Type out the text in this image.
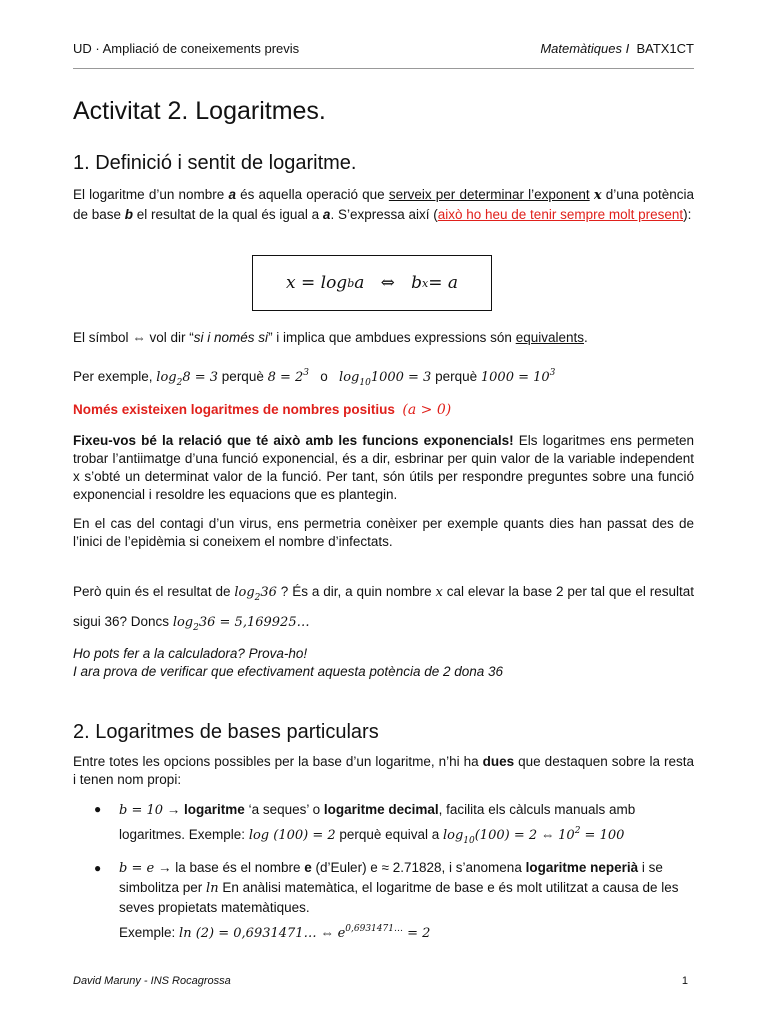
UD · Ampliació de coneixements previs	Matemàtiques I BATX1CT
Activitat 2. Logaritmes.
1. Definició i sentit de logaritme.
El logaritme d’un nombre a és aquella operació que serveix per determinar l’exponent x d’una potència de base b el resultat de la qual és igual a a. S’expressa així (això ho heu de tenir sempre molt present):
x = log b a
⇔
b x = a
El símbol ⇔ vol dir “si i només si” i implica que ambdues expressions són equivalents.
Per exemple, $\log_28 = 3$ perquè $8 = 2^3$   o   $\log_{10}1000 = 3$ perquè $1000 = 10^3$
Només existeixen logaritmes de nombres positius (a > 0)
Fixeu-vos bé la relació que té això amb les funcions exponencials! Els logaritmes ens permeten trobar l’antiimatge d’una funció exponencial, és a dir, esbrinar per quin valor de la variable independent x s’obté un determinat valor de la funció. Per tant, són útils per respondre preguntes sobre una funció exponencial i resoldre les equacions que es plantegin.
En el cas del contagi d’un virus, ens permetria conèixer per exemple quants dies han passat des de l’inici de l’epidèmia si coneixem el nombre d’infectats.
Però quin és el resultat de $\log_236$ ? És a dir, a quin nombre x cal elevar la base 2 per tal que el resultat sigui 36? Doncs $\log_236$ = 5,169925…
Ho pots fer a la calculadora? Prova-ho!
I ara prova de verificar que efectivament aquesta potència de 2 dona 36
2. Logaritmes de bases particulars
Entre totes les opcions possibles per la base d’un logaritme, n’hi ha dues que destaquen sobre la resta i tenen nom propi:
● b = 10 → logaritme ‘a seques’ o logaritme decimal, facilita els càlculs manuals amb logaritmes. Exemple: log (100) = 2 perquè equival a $\log_{10}(100) = 2$ ⇔ $10^2 = 100$
● b = e → la base és el nombre e (d’Euler) e ≈ 2.71828, i s’anomena logaritme neperià i se simbolitza per ln En anàlisi matemàtica, el logaritme de base e és molt utilitzat a causa de les seves propietats matemàtiques.
Exemple: ln (2) = 0,6931471… ⇔ $e^{0,6931471\dots} = 2$
David Maruny - INS Rocagrossa	1
